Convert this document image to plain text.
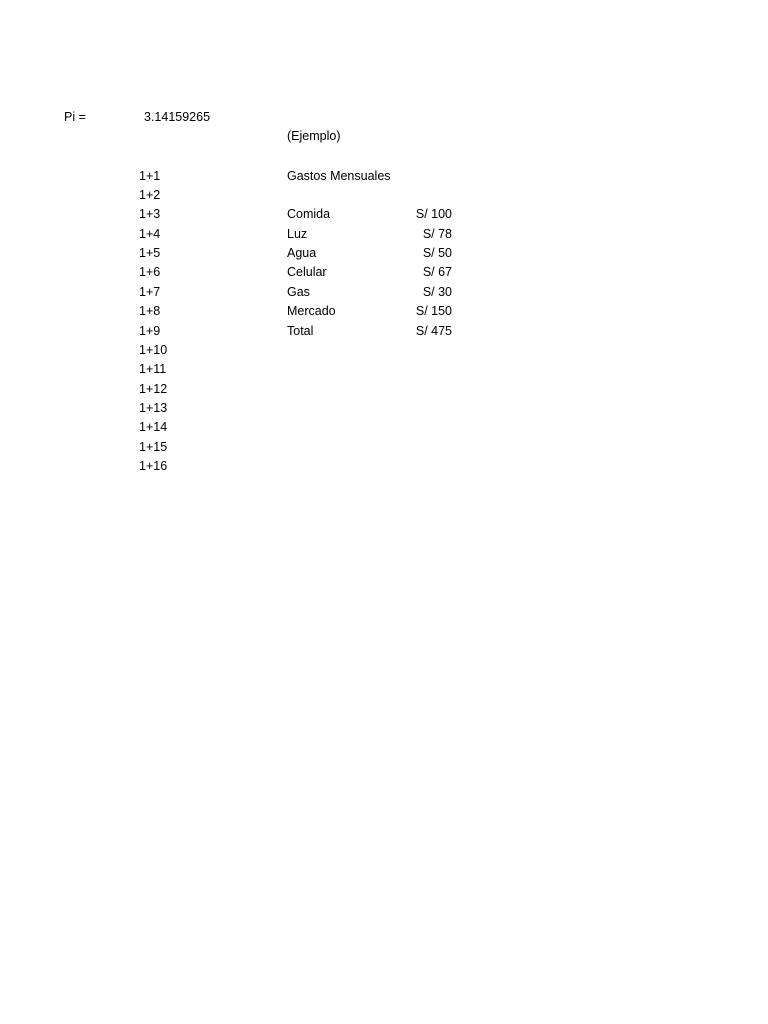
Pi =	3.14159265
(Ejemplo)
1+1
1+2
1+3
1+4
1+5
1+6
1+7
1+8
1+9
1+10
1+11
1+12
1+13
1+14
1+15
1+16
Gastos Mensuales
Comida	S/ 100
Luz	S/ 78
Agua	S/ 50
Celular	S/ 67
Gas	S/ 30
Mercado	S/ 150
Total	S/ 475
